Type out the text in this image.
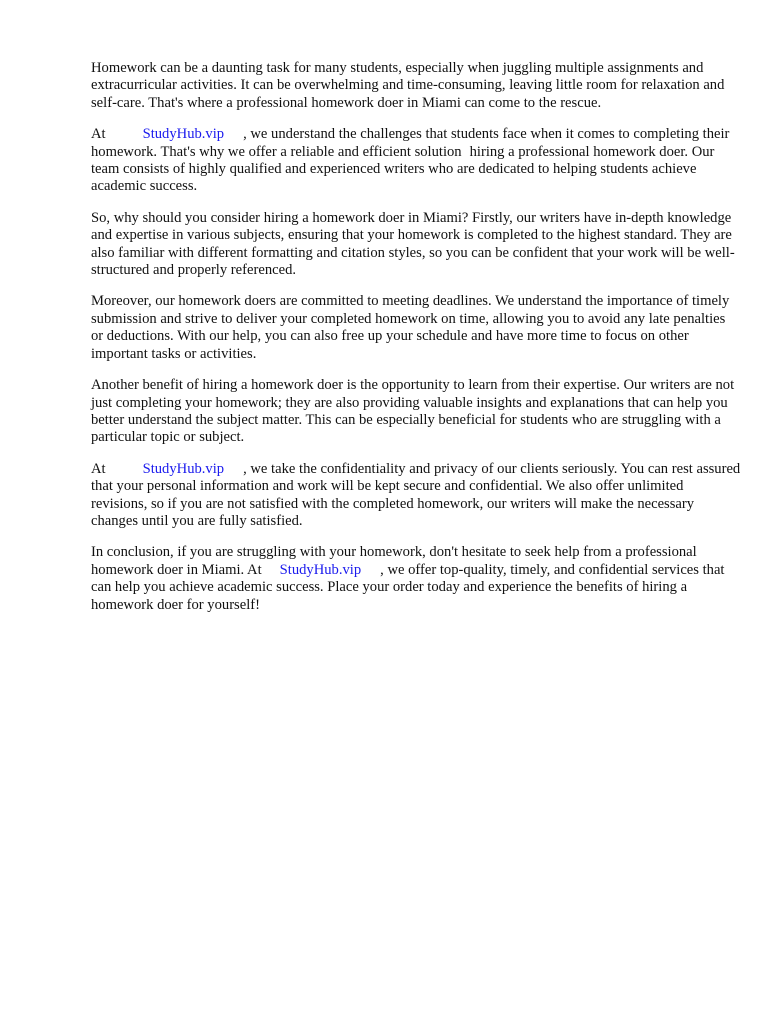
Homework can be a daunting task for many students, especially when juggling multiple assignments and extracurricular activities. It can be overwhelming and time-consuming, leaving little room for relaxation and self-care. That's where a professional homework doer in Miami can come to the rescue.

At	StudyHub.vip , we understand the challenges that students face when it comes to completing their homework. That's why we offer a reliable and efficient solution hiring a professional homework doer. Our team consists of highly qualified and experienced writers who are dedicated to helping students achieve academic success.

So, why should you consider hiring a homework doer in Miami? Firstly, our writers have in-depth knowledge and expertise in various subjects, ensuring that your homework is completed to the highest standard. They are also familiar with different formatting and citation styles, so you can be confident that your work will be well-structured and properly referenced.

Moreover, our homework doers are committed to meeting deadlines. We understand the importance of timely submission and strive to deliver your completed homework on time, allowing you to avoid any late penalties or deductions. With our help, you can also free up your schedule and have more time to focus on other important tasks or activities.

Another benefit of hiring a homework doer is the opportunity to learn from their expertise. Our writers are not just completing your homework; they are also providing valuable insights and explanations that can help you better understand the subject matter. This can be especially beneficial for students who are struggling with a particular topic or subject.

At	StudyHub.vip , we take the confidentiality and privacy of our clients seriously. You can rest assured that your personal information and work will be kept secure and confidential. We also offer unlimited revisions, so if you are not satisfied with the completed homework, our writers will make the necessary changes until you are fully satisfied.

In conclusion, if you are struggling with your homework, don't hesitate to seek help from a professional homework doer in Miami. At StudyHub.vip , we offer top-quality, timely, and confidential services that can help you achieve academic success. Place your order today and experience the benefits of hiring a homework doer for yourself!
